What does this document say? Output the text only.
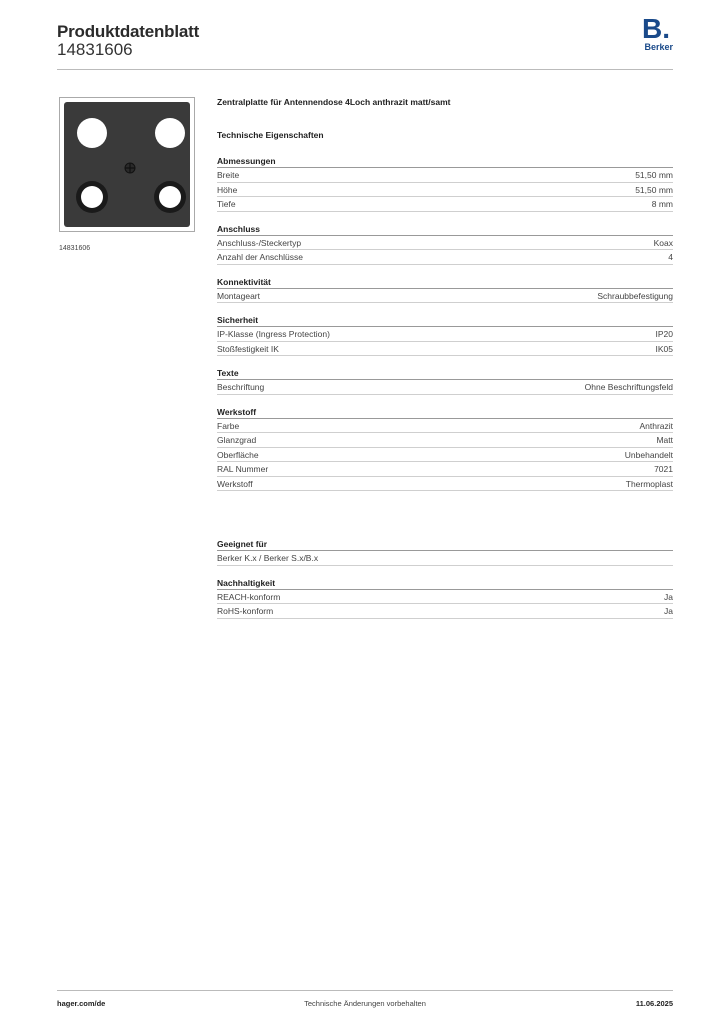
Produktdatenblatt
14831606
B.
Berker
14831606
Zentralplatte für Antennendose 4Loch anthrazit matt/samt
Technische Eigenschaften
Abmessungen
Breite	51,50 mm
Höhe	51,50 mm
Tiefe	8 mm
Anschluss
Anschluss-/Steckertyp	Koax
Anzahl der Anschlüsse	4
Konnektivität
Montageart	Schraubbefestigung
Sicherheit
IP-Klasse (Ingress Protection)	IP20
Stoßfestigkeit IK	IK05
Texte
Beschriftung	Ohne Beschriftungsfeld
Werkstoff
Farbe	Anthrazit
Glanzgrad	Matt
Oberfläche	Unbehandelt
RAL Nummer	7021
Werkstoff	Thermoplast
Geeignet für
Berker K.x / Berker S.x/B.x
Nachhaltigkeit
REACH-konform	Ja
RoHS-konform	Ja
hager.com/de	Technische Änderungen vorbehalten	11.06.2025
